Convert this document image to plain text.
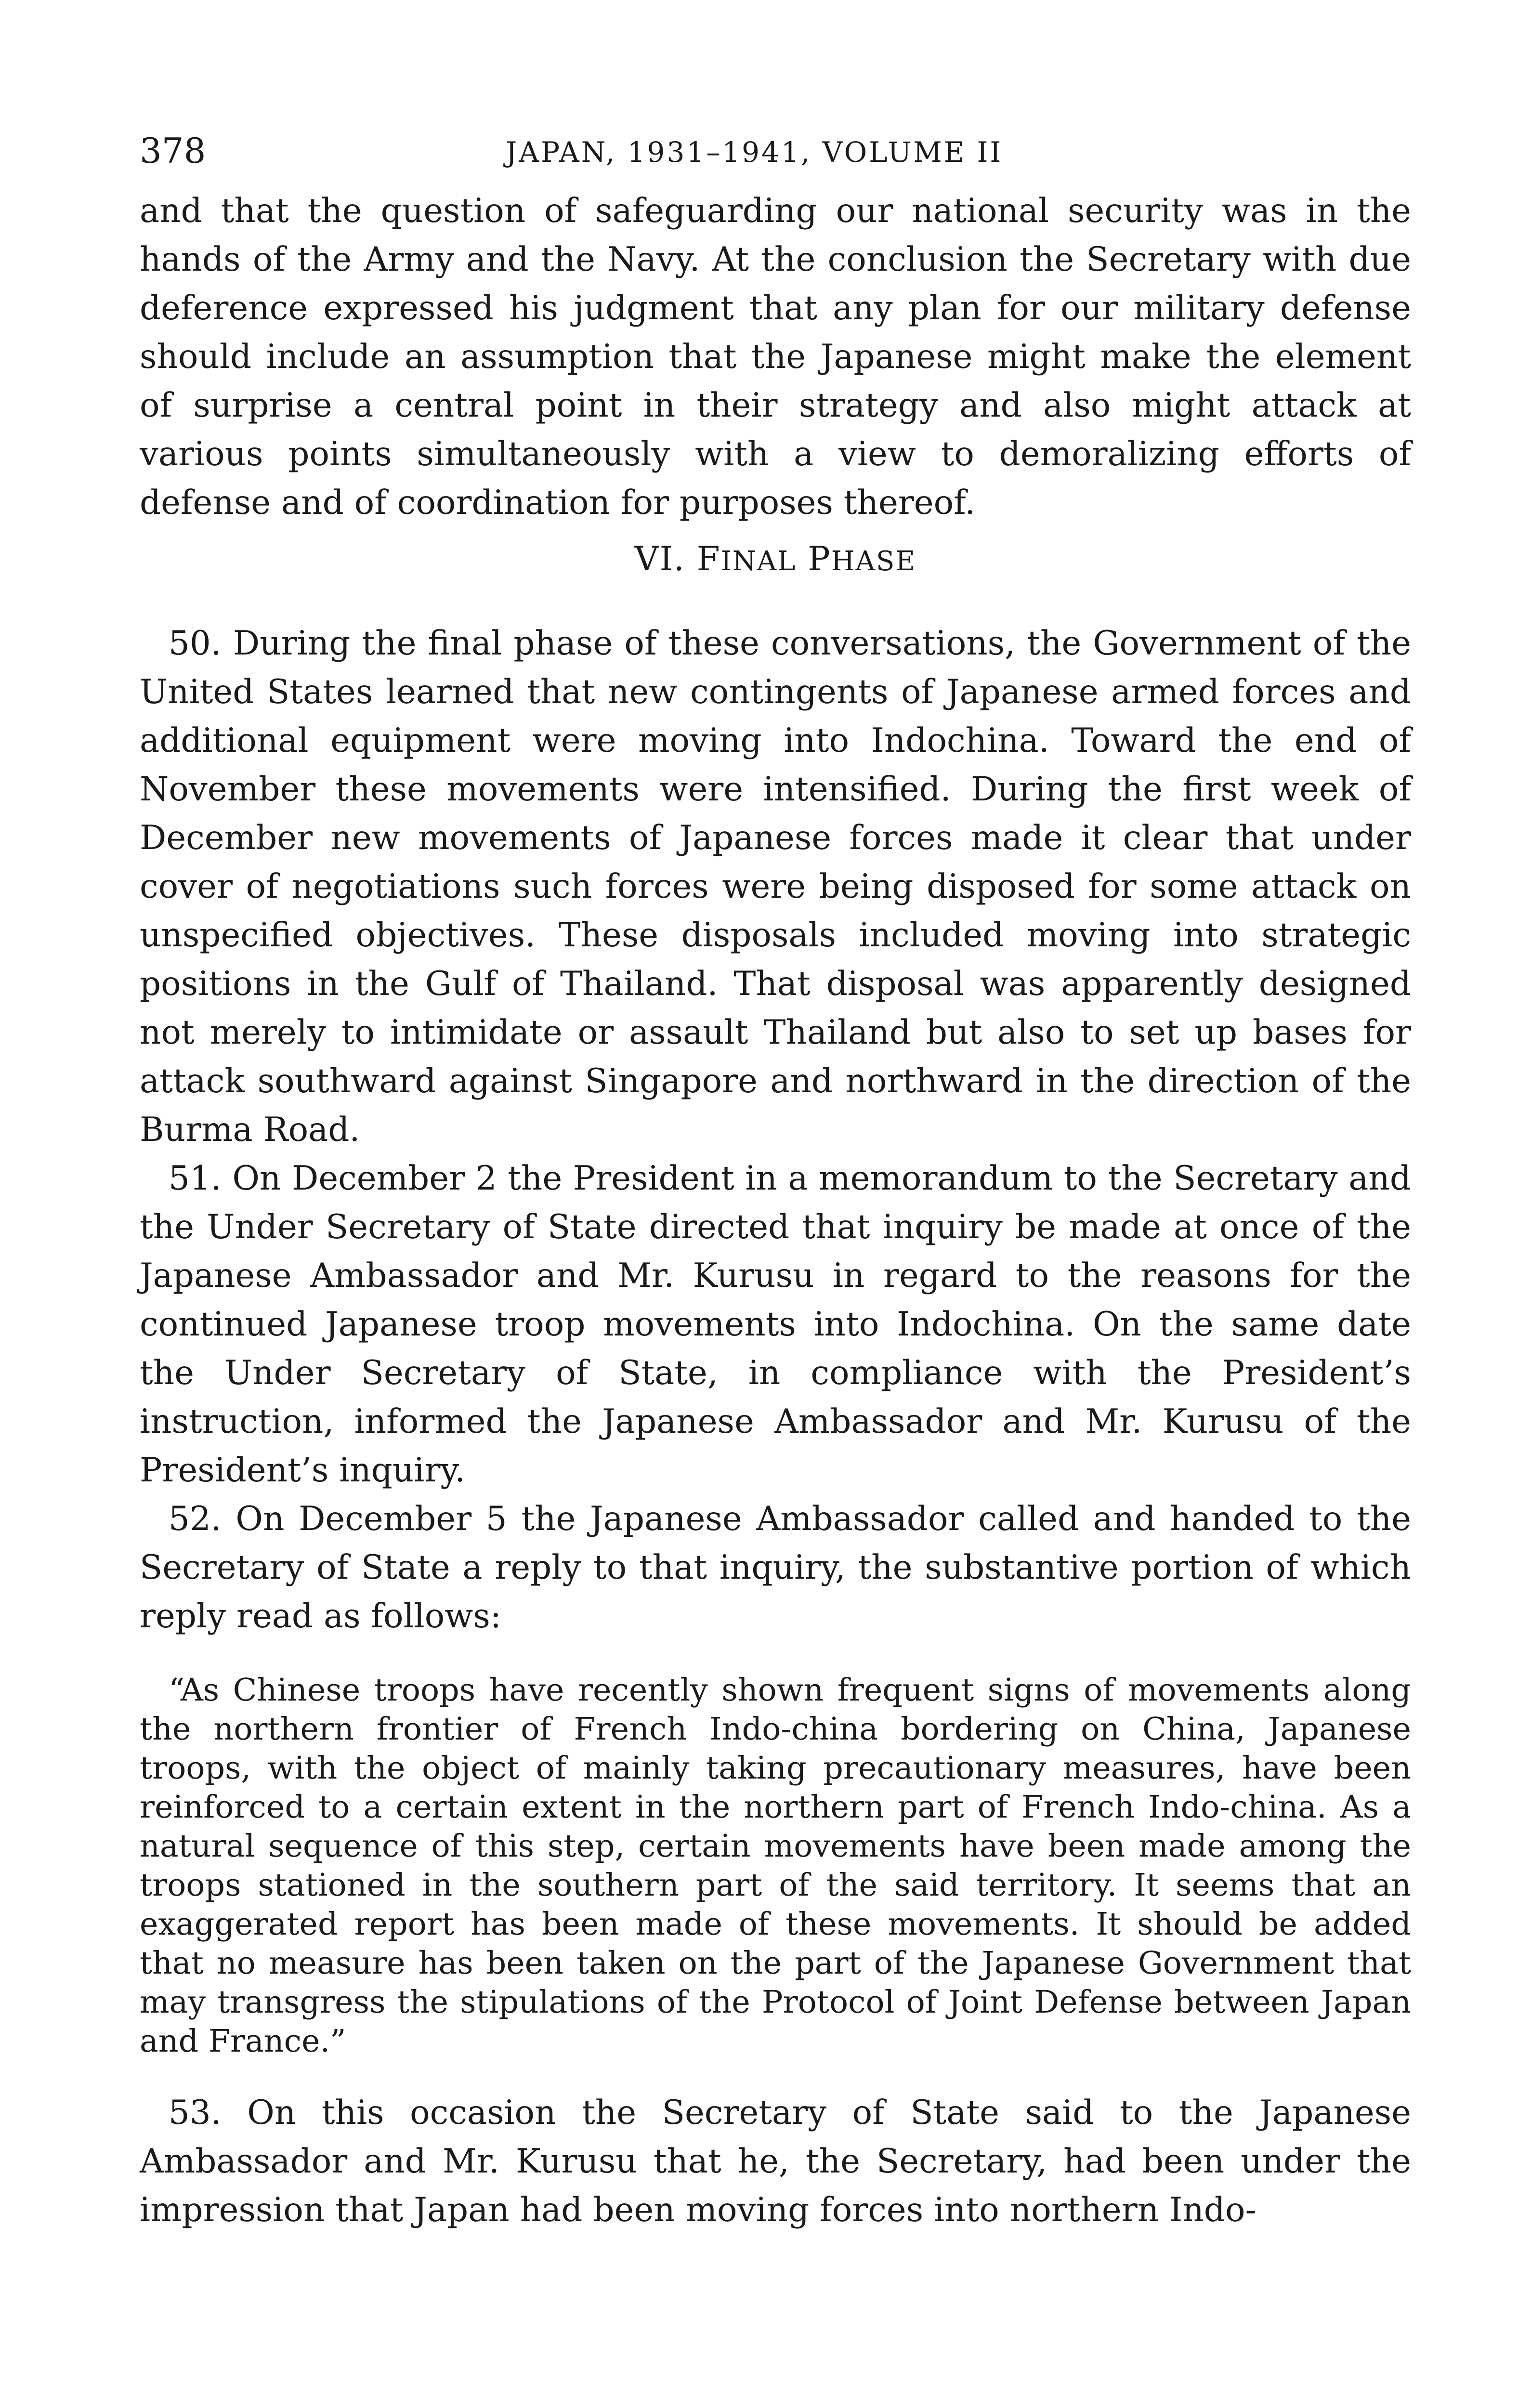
378	JAPAN, 1931–1941, VOLUME II

and that the question of safeguarding our national security was in the hands of the Army and the Navy. At the conclusion the Secretary with due deference expressed his judgment that any plan for our military defense should include an assumption that the Japanese might make the element of surprise a central point in their strategy and also might attack at various points simultaneously with a view to demoralizing efforts of defense and of coordination for purposes thereof.

VI. FINAL PHASE

50. During the final phase of these conversations, the Government of the United States learned that new contingents of Japanese armed forces and additional equipment were moving into Indochina. Toward the end of November these movements were intensified. During the first week of December new movements of Japanese forces made it clear that under cover of negotiations such forces were being disposed for some attack on unspecified objectives. These disposals included moving into strategic positions in the Gulf of Thailand. That disposal was apparently designed not merely to intimidate or assault Thailand but also to set up bases for attack southward against Singapore and northward in the direction of the Burma Road.

51. On December 2 the President in a memorandum to the Secretary and the Under Secretary of State directed that inquiry be made at once of the Japanese Ambassador and Mr. Kurusu in regard to the reasons for the continued Japanese troop movements into Indochina. On the same date the Under Secretary of State, in compliance with the President’s instruction, informed the Japanese Ambassador and Mr. Kurusu of the President’s inquiry.

52. On December 5 the Japanese Ambassador called and handed to the Secretary of State a reply to that inquiry, the substantive portion of which reply read as follows:

“As Chinese troops have recently shown frequent signs of movements along the northern frontier of French Indo-china bordering on China, Japanese troops, with the object of mainly taking precautionary measures, have been reinforced to a certain extent in the northern part of French Indo-china. As a natural sequence of this step, certain movements have been made among the troops stationed in the southern part of the said territory. It seems that an exaggerated report has been made of these movements. It should be added that no measure has been taken on the part of the Japanese Government that may transgress the stipulations of the Protocol of Joint Defense between Japan and France.”

53. On this occasion the Secretary of State said to the Japanese Ambassador and Mr. Kurusu that he, the Secretary, had been under the impression that Japan had been moving forces into northern Indo-
